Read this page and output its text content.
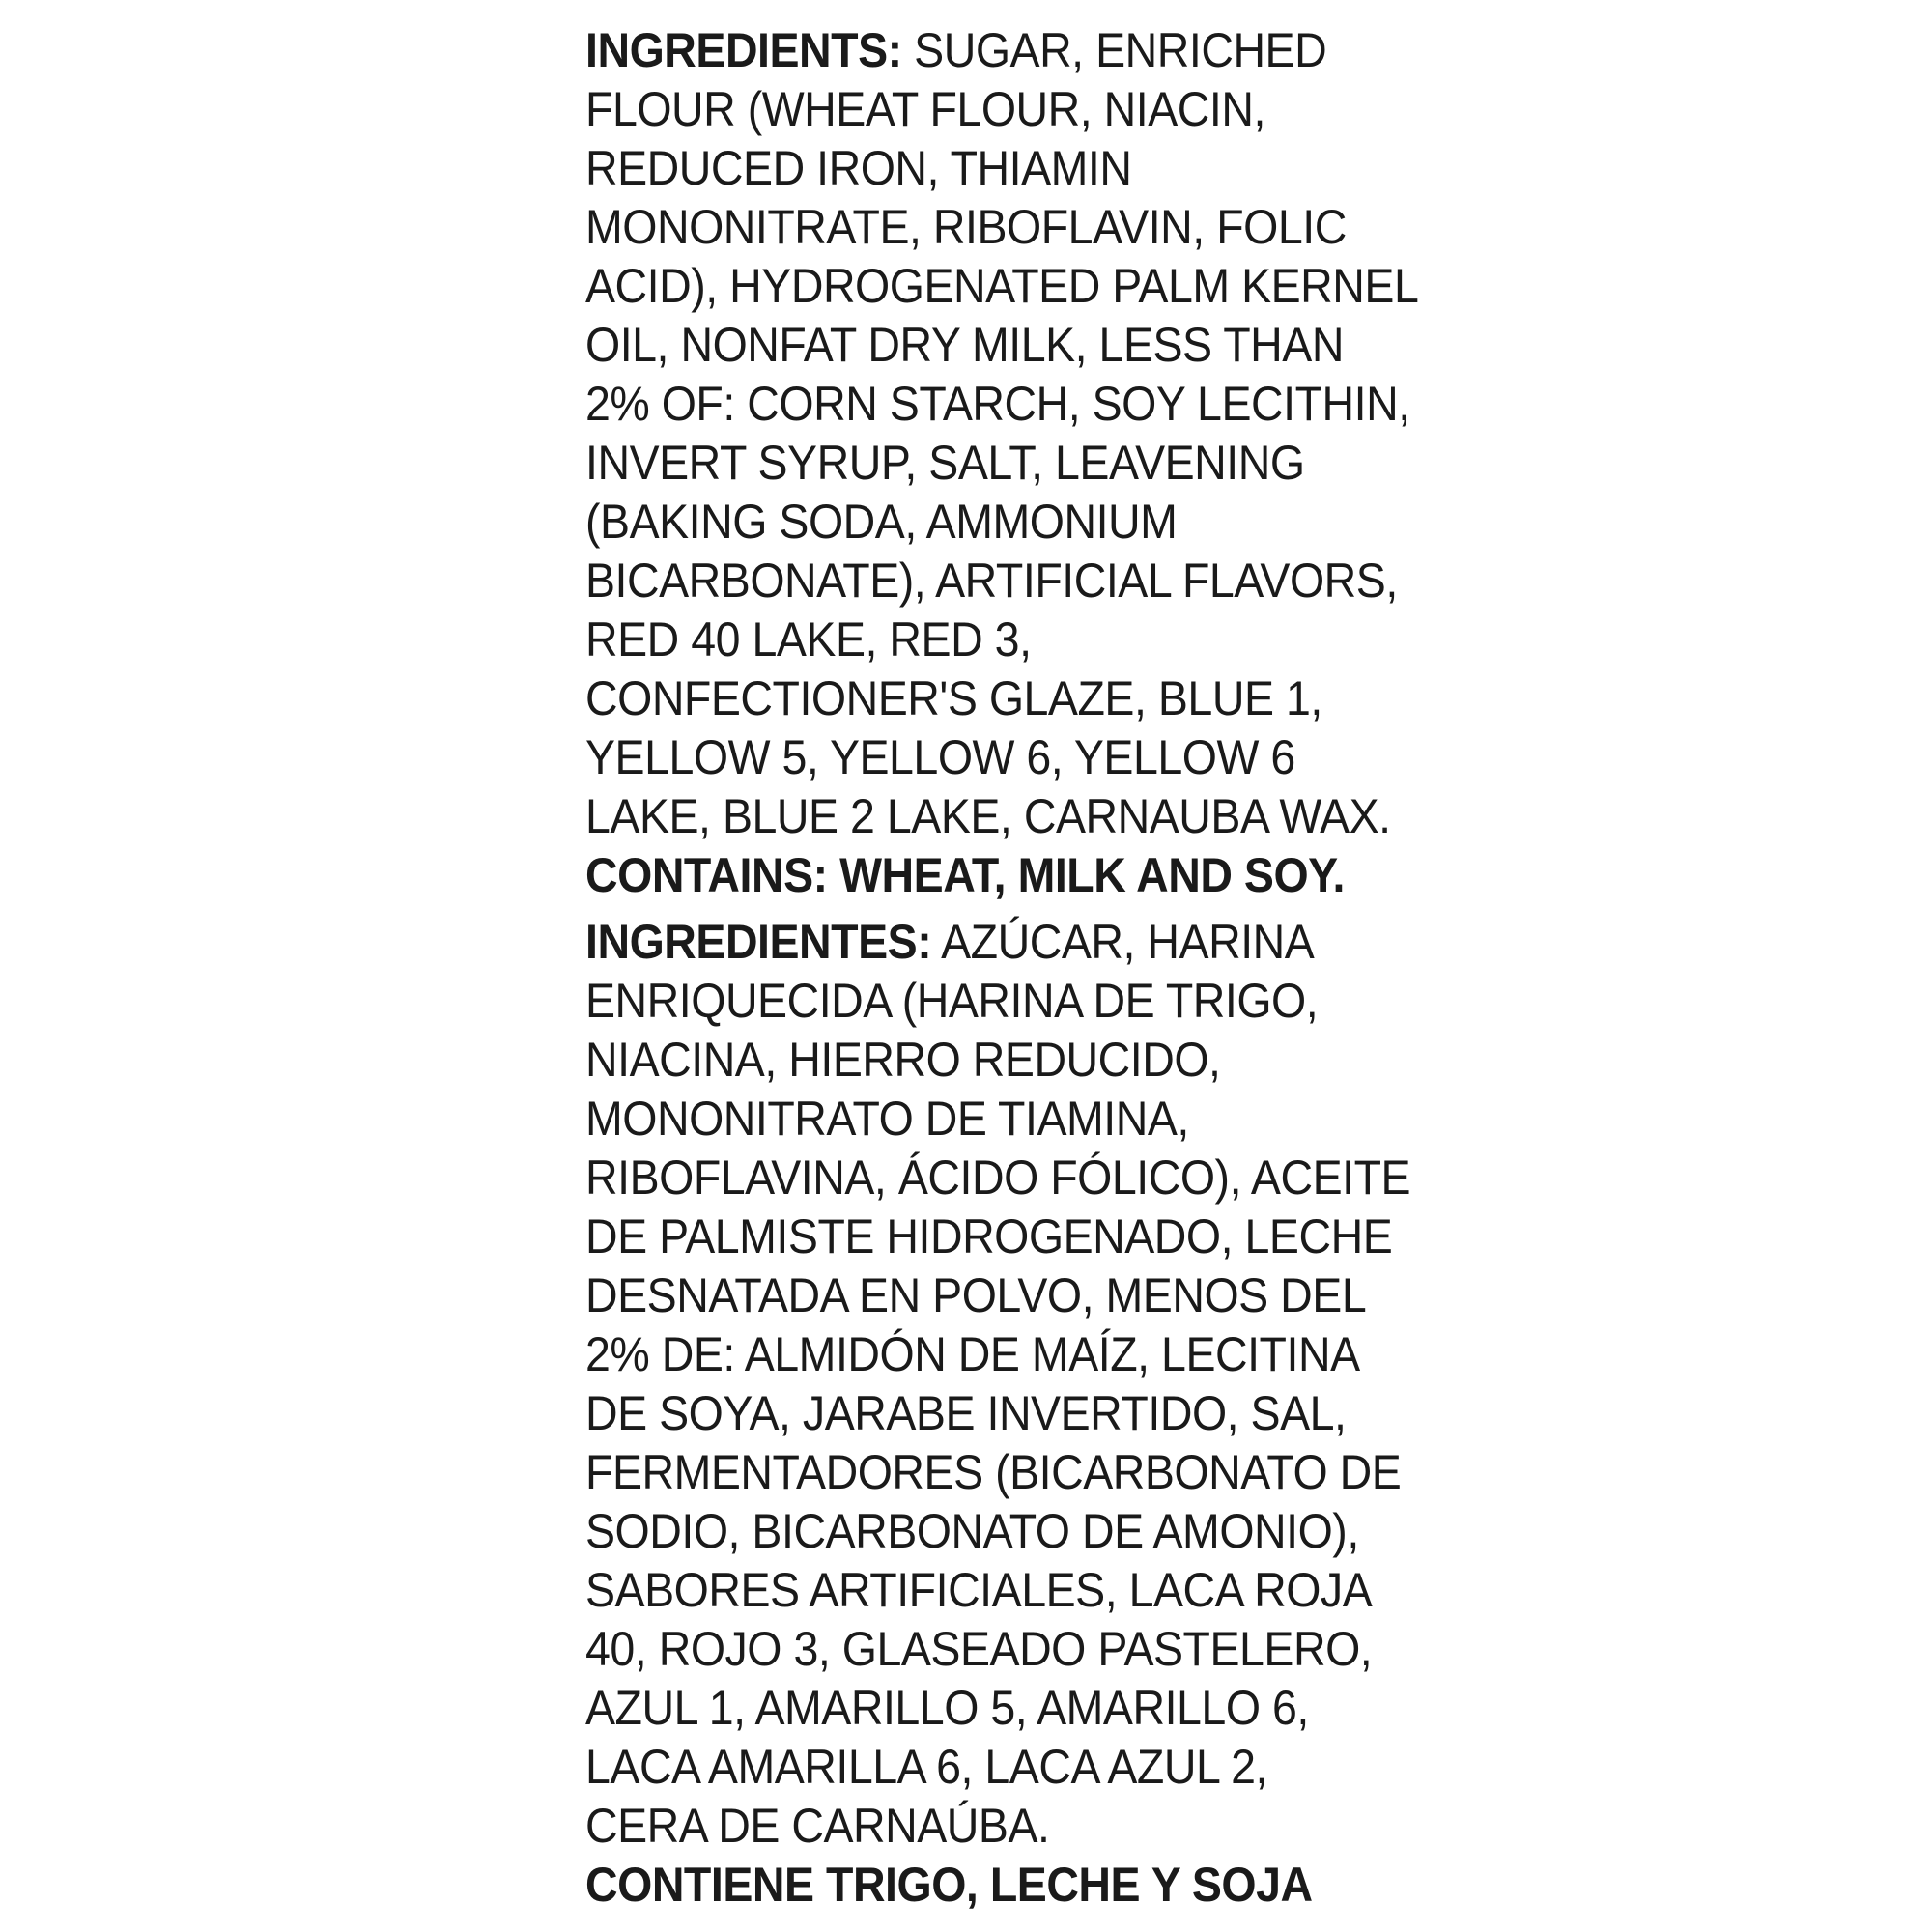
INGREDIENTS: SUGAR, ENRICHED
FLOUR (WHEAT FLOUR, NIACIN,
REDUCED IRON, THIAMIN
MONONITRATE, RIBOFLAVIN, FOLIC
ACID), HYDROGENATED PALM KERNEL
OIL, NONFAT DRY MILK, LESS THAN
2% OF: CORN STARCH, SOY LECITHIN,
INVERT SYRUP, SALT, LEAVENING
(BAKING SODA, AMMONIUM
BICARBONATE), ARTIFICIAL FLAVORS,
RED 40 LAKE, RED 3,
CONFECTIONER'S GLAZE, BLUE 1,
YELLOW 5, YELLOW 6, YELLOW 6
LAKE, BLUE 2 LAKE, CARNAUBA WAX.
CONTAINS: WHEAT, MILK AND SOY.
INGREDIENTES: AZÚCAR, HARINA
ENRIQUECIDA (HARINA DE TRIGO,
NIACINA, HIERRO REDUCIDO,
MONONITRATO DE TIAMINA,
RIBOFLAVINA, ÁCIDO FÓLICO), ACEITE
DE PALMISTE HIDROGENADO, LECHE
DESNATADA EN POLVO, MENOS DEL
2% DE: ALMIDÓN DE MAÍZ, LECITINA
DE SOYA, JARABE INVERTIDO, SAL,
FERMENTADORES (BICARBONATO DE
SODIO, BICARBONATO DE AMONIO),
SABORES ARTIFICIALES, LACA ROJA
40, ROJO 3, GLASEADO PASTELERO,
AZUL 1, AMARILLO 5, AMARILLO 6,
LACA AMARILLA 6, LACA AZUL 2,
CERA DE CARNAÚBA.
CONTIENE TRIGO, LECHE Y SOJA
